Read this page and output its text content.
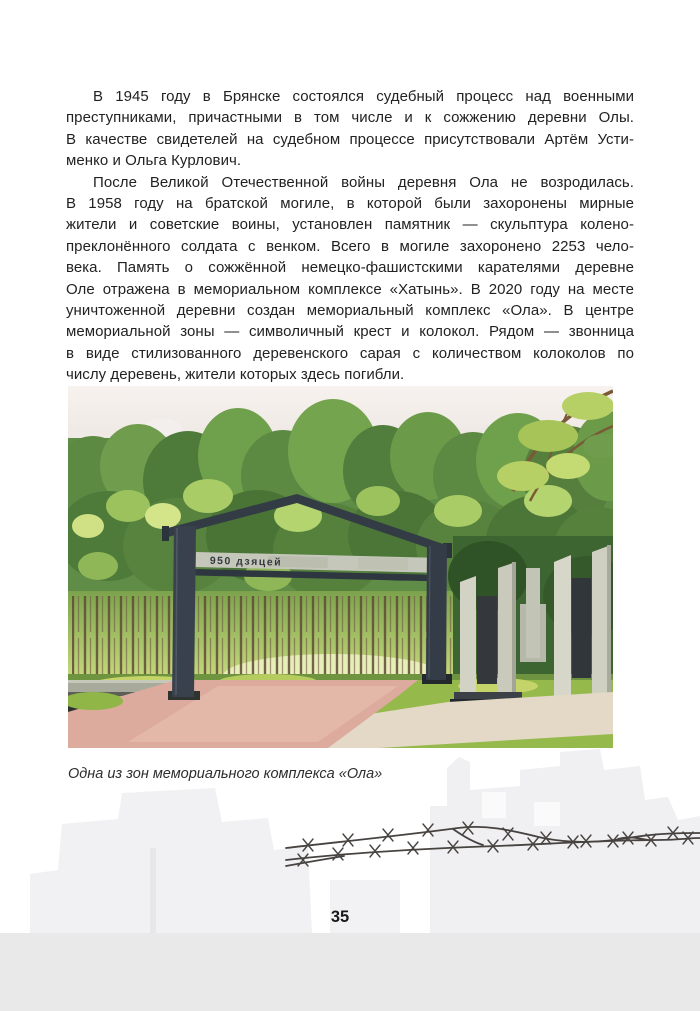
В 1945 году в Брянске состоялся судебный процесс над военными
преступниками, причастными в том числе и к сожжению деревни Олы.
В качестве свидетелей на судебном процессе присутствовали Артём Усти-
менко и Ольга Курлович.
После Великой Отечественной войны деревня Ола не возродилась.
В 1958 году на братской могиле, в которой были захоронены мирные
жители и советские воины, установлен памятник — скульптура колено-
преклонённого солдата с венком. Всего в могиле захоронено 2253 чело-
века. Память о сожжённой немецко-фашистскими карателями деревне
Оле отражена в мемориальном комплексе «Хатынь». В 2020 году на месте
уничтоженной деревни создан мемориальный комплекс «Ола». В центре
мемориальной зоны — символичный крест и колокол. Рядом — звонница
в виде стилизованного деревенского сарая с количеством колоколов по
числу деревень, жители которых здесь погибли.
950 дзяцей
Одна из зон мемориального комплекса «Ола»
35
